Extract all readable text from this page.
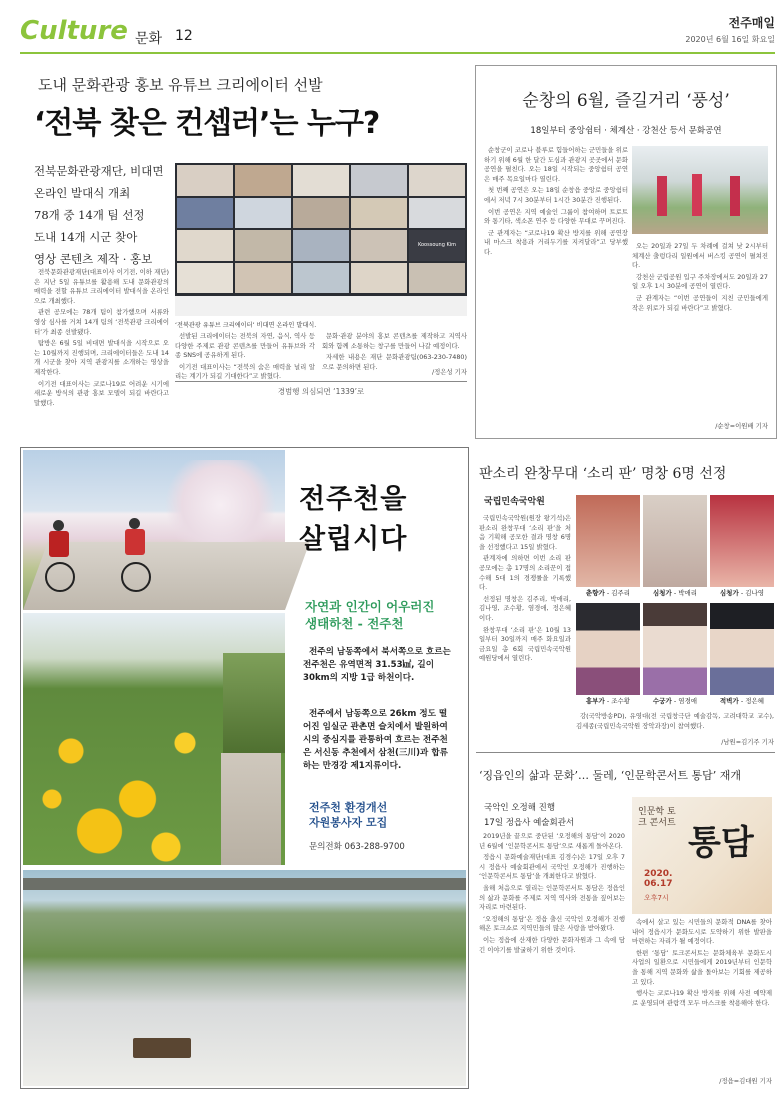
Culture 문화 12
전주매일
2020년 6월 16일 화요일
도내 문화관광 홍보 유튜브 크리에이터 선발
‘전북 찾은 컨셉러’는 누구?
전북문화관광재단, 비대면
온라인 발대식 개최
78개 중 14개 팀 선정
도내 14개 시군 찾아
영상 콘텐츠 제작 · 홍보
Koossoung Kim
‘전북관광 유튜브 크리에이터’ 비대면 온라인 발대식.

전북문화관광재단(대표이사 이기전, 이하 재단)은 지난 5일 유튜브를 활용해 도내 문화관광의 매력을 전할 유튜브 크리에이터 발대식을 온라인으로 개최했다.

관련 공모에는 78개 팀이 참가했으며 서류와 영상 심사를 거쳐 14개 팀의 ‘전북관광 크리에이터’가 최종 선발됐다.

탐방은 6월 5일 비대면 발대식을 시작으로 오는 10월까지 진행되며, 크리에이터들은 도내 14개 시군을 찾아 지역 관광지를 소개하는 영상을 제작한다.

이기전 대표이사는 코로나19로 어려운 시기에 새로운 방식의 관광 홍보 모델이 되길 바란다고 말했다.

선발된 크리에이터는 전북의 자연, 음식, 역사 등 다양한 주제로 관광 콘텐츠를 만들어 유튜브와 각종 SNS에 공유하게 된다.

이기전 대표이사는 “전북의 숨은 매력을 널리 알리는 계기가 되길 기대한다”고 밝혔다.

문화·관광 분야의 홍보 콘텐츠를 제작하고 지역사회와 함께 소통하는 창구를 만들어 나갈 예정이다.

자세한 내용은 재단 문화관광팀(063-230-7480)으로 문의하면 된다.

/정은성 기자
경범행 의심되면 ‘1339’로
전주천을
살립시다
자연과 인간이 어우러진
생태하천 - 전주천
전주의 남동쪽에서 북서쪽으로 흐르는 전주천은 유역면적 31.53㎢, 길이 30km의 지방 1급 하천이다.
전주에서 남동쪽으로 26km 정도 떨어진 임실군 관촌면 슬치에서 발원하여 시의 중심지를 관통하여 흐르는 전주천은 서신동 추천에서 삼천(三川)과 합류하는 만경강 제1지류이다.
전주천 환경개선
자원봉사자 모집
문의전화 063-288-9700
순창의 6월, 즐길거리 ‘풍성’
18일부터 중앙쉼터 · 체계산 · 강천산 등서 문화공연

순창군이 코로나 블루로 힘들어하는 군민들을 위로하기 위해 6월 한 달간 도심과 관광지 곳곳에서 문화공연을 펼친다. 오는 18일 시작되는 중앙쉼터 공연은 매주 목요일마다 열린다.

첫 번째 공연은 오는 18일 순창읍 중앙로 중앙쉼터에서 저녁 7시 30분부터 1시간 30분간 진행된다.

이번 공연은 지역 예술인 그룹이 참여하며 트로트와 통기타, 색소폰 연주 등 다양한 무대로 꾸며진다.

군 관계자는 “코로나19 확산 방지를 위해 공연장 내 마스크 착용과 거리두기를 지켜달라”고 당부했다.

오는 20일과 27일 두 차례에 걸쳐 낮 2시부터 체계산 출렁다리 일원에서 버스킹 공연이 펼쳐진다.

강천산 군립공원 입구 주차장에서도 20일과 27일 오후 1시 30분에 공연이 열린다.

군 관계자는 “이번 공연들이 지친 군민들에게 작은 위로가 되길 바란다”고 밝혔다.

/순창=이원배 기자
판소리 완창무대 ‘소리 판’ 명창 6명 선정
국립민속국악원

국립민속국악원(원장 왕기석)은 판소리 완창무대 ‘소리 판’을 처음 기획해 공모한 결과 명창 6명을 선정했다고 15일 밝혔다.

관계자에 의하면 이번 소리 판 공모에는 총 17명의 소리꾼이 접수해 5대 1의 경쟁률을 기록했다.

선정된 명창은 김주리, 박애리, 김나영, 조수황, 염경애, 정은혜이다.

완창무대 ‘소리 판’은 10월 13일부터 30일까지 매주 화요일과 금요일 총 6회 국립민속국악원 예원당에서 열린다.

춘향가 - 김주리	심청가 - 박애리	심청가 - 김나영
흥부가 - 조수황	수궁가 - 염경애	적벽가 - 정은혜

강(국악방송PD), 유영대(전 국립창극단 예술감독, 고려대학교 교수), 김세종(국립민속국악원 장악과장)이 참여했다.

/남원=김기주 기자
‘징읍인의 삶과 문화’… 둘레, ‘인문학콘서트 통담’ 재개
국악인 오정해 진행
17일 정읍사 예술회관서
인문학 토크 콘서트 통담
2020. 06.17
오후7시

2019년을 끝으로 중단된 ‘오정해의 통담’이 2020년 6월에 ‘인문학콘서트 통담’으로 새롭게 돌아온다.

정읍시 문화예술재단(대표 김경수)은 17일 오후 7시 정읍사 예술회관에서 국악인 오정해가 진행하는 ‘인문학콘서트 통담’을 개최한다고 밝혔다.

올해 처음으로 열리는 인문학콘서트 통담은 정읍인의 삶과 문화를 주제로 지역 역사와 전통을 짚어보는 자리로 마련된다.

‘오정해의 통담’은 정읍 출신 국악인 오정해가 진행해온 토크쇼로 지역민들의 많은 사랑을 받아왔다.

이는 정읍에 산재한 다양한 문화자원과 그 속에 담긴 이야기를 발굴하기 위한 것이다.

속에서 살고 있는 시민들의 문화적 DNA를 찾아내어 정읍시가 문화도시로 도약하기 위한 발판을 마련하는 자리가 될 예정이다.

한편 ‘통담’ 토크콘서트는 문화체육부 문화도시 사업의 일환으로 시민들에게 2019년부터 인문학을 통해 지역 문화와 삶을 돌아보는 기회를 제공하고 있다.

행사는 코로나19 확산 방지를 위해 사전 예약제로 운영되며 관람객 모두 마스크를 착용해야 한다.

/정읍=김대원 기자
